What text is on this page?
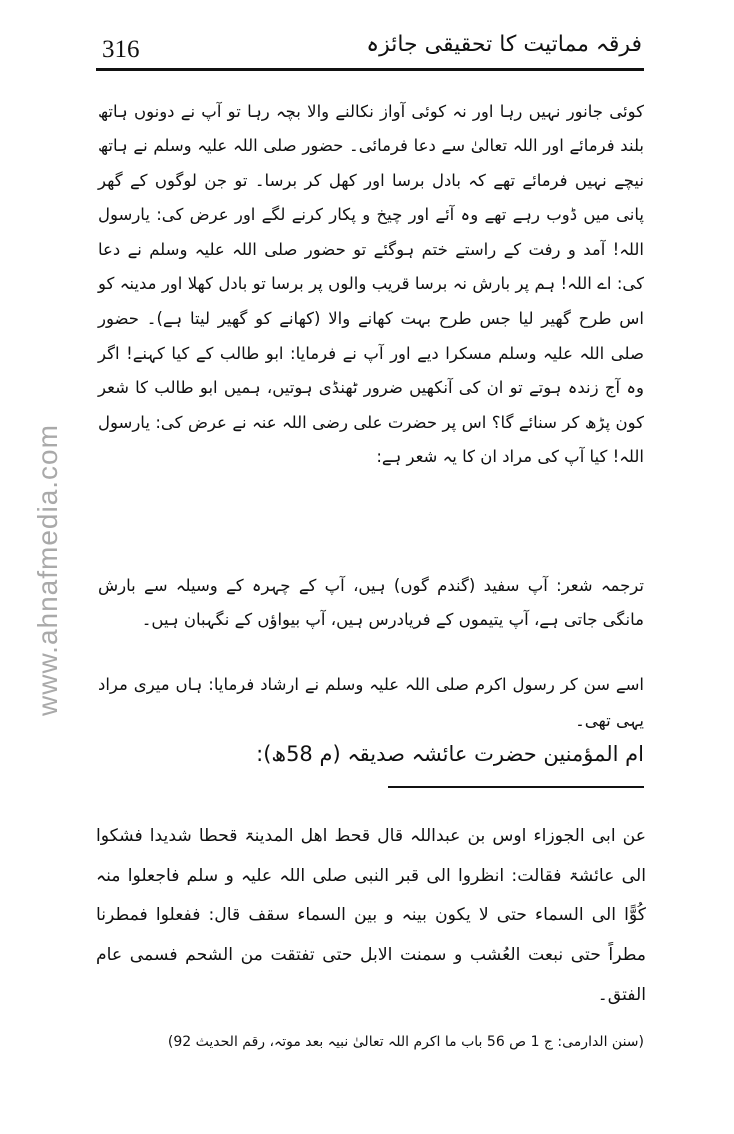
316	فرقہ مماتیت کا تحقیقی جائزہ
www.ahnafmedia.com

کوئی جانور نہیں رہا اور نہ کوئی آواز نکالنے والا بچہ رہا تو آپ نے دونوں ہاتھ بلند فرمائے اور اللہ تعالیٰ سے دعا فرمائی۔ حضور صلی اللہ علیہ وسلم نے ہاتھ نیچے نہیں فرمائے تھے کہ بادل برسا اور کھل کر برسا۔ تو جن لوگوں کے گھر پانی میں ڈوب رہے تھے وہ آئے اور چیخ و پکار کرنے لگے اور عرض کی: یارسول اللہ! آمد و رفت کے راستے ختم ہوگئے تو حضور صلی اللہ علیہ وسلم نے دعا کی: اے اللہ! ہم پر بارش نہ برسا قریب والوں پر برسا تو بادل کھلا اور مدینہ کو اس طرح گھیر لیا جس طرح بہت کھانے والا (کھانے کو گھیر لیتا ہے)۔ حضور صلی اللہ علیہ وسلم مسکرا دیے اور آپ نے فرمایا: ابو طالب کے کیا کہنے! اگر وہ آج زندہ ہوتے تو ان کی آنکھیں ضرور ٹھنڈی ہوتیں، ہمیں ابو طالب کا شعر کون پڑھ کر سنائے گا؟ اس پر حضرت علی رضی اللہ عنہ نے عرض کی: یارسول اللہ! کیا آپ کی مراد ان کا یہ شعر ہے:

ترجمہ شعر: آپ سفید (گندم گوں) ہیں، آپ کے چہرہ کے وسیلہ سے بارش مانگی جاتی ہے، آپ یتیموں کے فریادرس ہیں، آپ بیواؤں کے نگہبان ہیں۔

اسے سن کر رسول اکرم صلی اللہ علیہ وسلم نے ارشاد فرمایا: ہاں میری مراد یہی تھی۔

ام المؤمنین حضرت عائشہ صدیقہ (م 58ھ):

عن ابی الجوزاء اوس بن عبداللہ قال قحط اهل المدینۃ قحطا شدیدا فشکوا الی عائشۃ فقالت: انظروا الی قبر النبی صلی اللہ علیہ و سلم فاجعلوا منہ کُوًّا الی السماء حتی لا یکون بینہ و بین السماء سقف قال: ففعلوا فمطرنا مطراً حتی نبعت العُشب و سمنت الابل حتی تفتقت من الشحم فسمی عام الفتق۔

(سنن الدارمی: ج 1 ص 56 باب ما اکرم اللہ تعالیٰ نبیہ بعد موتہ، رقم الحدیث 92)
